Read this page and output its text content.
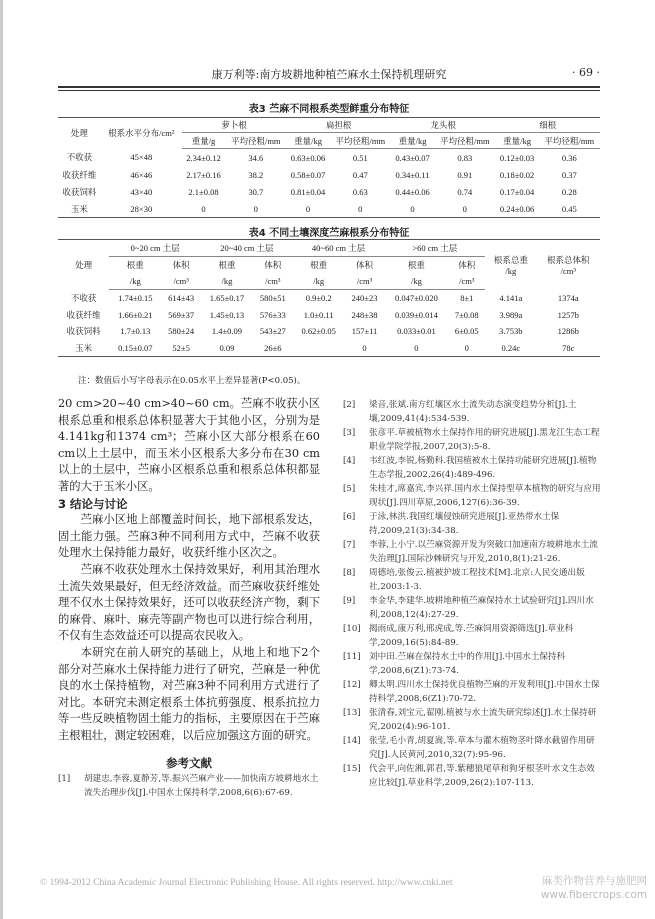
康万利等:南方坡耕地种植苎麻水土保持机理研究	· 69 ·
表3 苎麻不同根系类型鲜重分布特征
处理	根系水平分布/cm²	萝卜根		扁担根		龙头根		细根	
		重量/g	平均径粗/mm	重量/kg	平均径粗/mm	重量/kg	平均径粗/mm	重量/kg	平均径粗/mm
不收获	45×48	2.34±0.12	34.6	0.63±0.06	0.51	0.43±0.07	0.83	0.12±0.03	0.36
收获纤维	46×46	2.17±0.16	38.2	0.58±0.07	0.47	0.34±0.11	0.91	0.18±0.02	0.37
收获饲料	43×40	2.1±0.08	30.7	0.81±0.04	0.63	0.44±0.06	0.74	0.17±0.04	0.28
玉米	28×30	0	0	0	0	0	0	0.24±0.06	0.45
表4 不同土壤深度苎麻根系分布特征
处理	0~20 cm 土层		20~40 cm 土层		40~60 cm 土层		>60 cm 土层		根系总重
/kg	根系总体积
/cm³
	根重	体积	根重	体积	根重	体积	根重	体积		
	/kg	/cm³	/kg	/cm³	/kg	/cm³	/kg	/cm³		
不收获	1.74±0.15	614±43	1.65±0.17	580±51	0.9±0.2	240±23	0.047±0.020	8±1	4.141a	1374a
收获纤维	1.66±0.21	569±37	1.45±0.13	576±33	1.0±0.11	248±38	0.039±0.014	7±0.08	3.989a	1257b
收获饲料	1.7±0.13	580±24	1.4±0.09	543±27	0.62±0.05	157±11	0.033±0.01	6±0.05	3.753b	1286b
玉米	0.15±0.07	52±5	0.09	26±6		0	0	0	0.24c	78c
注：数值后小写字母表示在0.05水平上差异显著(P<0.05)。

20 cm>20~40 cm>40~60 cm。苎麻不收获小区根系总重和根系总体积显著大于其他小区，分别为是4.141kg和1374 cm³；苎麻小区大部分根系在60 cm以上土层中，而玉米小区根系大多分布在30 cm以上的土层中，苎麻小区根系总重和根系总体积都显著的大于玉米小区。

3 结论与讨论

苎麻小区地上部覆盖时间长，地下部根系发达，固土能力强。苎麻3种不同利用方式中，苎麻不收获处理水土保持能力最好，收获纤维小区次之。

苎麻不收获处理水土保持效果好，利用其治理水土流失效果最好，但无经济效益。而苎麻收获纤维处理不仅水土保持效果好，还可以收获经济产物，剩下的麻骨、麻叶、麻壳等副产物也可以进行综合利用，不仅有生态效益还可以提高农民收入。

本研究在前人研究的基础上，从地上和地下2个部分对苎麻水土保持能力进行了研究，苎麻是一种优良的水土保持植物，对苎麻3种不同利用方式进行了对比。本研究未测定根系土体抗剪强度、根系抗拉力等一些反映植物固土能力的指标，主要原因在于苎麻主根粗壮，测定较困难，以后应加强这方面的研究。

参考文献
[1]	胡建忠,李蓉,夏静芳,等.振兴苎麻产业——加快南方坡耕地水土流失治理步伐[J].中国水土保持科学,2008,6(6):67-69.
[2]	梁音,张斌.南方红壤区水土流失动态演变趋势分析[J].土壤,2009,41(4):534-539.
[3]	张彦平.草被植物水土保持作用的研究进展[J].黑龙江生态工程职业学院学报,2007,20(3):5-8.
[4]	韦红波,李锐,杨勤科.我国植被水土保持功能研究进展[J].植物生态学报,2002,26(4):489-496.
[5]	朱桂才,席嘉宾,李兴祥.国内水土保持型草本植物的研究与应用现状[J].四川草原,2006,127(6):36-39.
[6]	于泳,林洪.我国红壤侵蚀研究进展[J].亚热带水土保持,2009,21(3):34-38.
[7]	李蓉,上小宁.以苎麻资源开发为突破口加速南方坡耕地水土流失治理[J].国际沙棘研究与开发,2010,8(1):21-26.
[8]	周德培,张俊云.植被护坡工程技术[M].北京:人民交通出版社,2003:1-3.
[9]	李金华,李建华.坡耕地种植苎麻保持水土试验研究[J].四川水利,2008,12(4):27-29.
[10] 揭雨成,康万利,邢虎成,等.苎麻饲用资源筛选[J].草业科学,2009,16(5):84-89.
[11] 刘中田.苎麻在保持水土中的作用[J].中国水土保持科学,2008,6(Z1):73-74.
[12] 卿太明.四川水土保持优良植物苎麻的开发利用[J].中国水土保持科学,2008,6(Z1):70-72.
[13] 张清春,刘宝元,翟刚.植被与水土流失研究综述[J].水土保持研究,2002(4):96-101.
[14] 张莹,毛小青,胡夏嵩,等.草本与灌木植物茎叶降水截留作用研究[J].人民黄河,2010,32(7):95-96.
[15] 代会平,向佐湘,郭君,等.紫穗狼尾草和狗牙根茎叶水文生态效应比较[J].草业科学,2009,26(2):107-113.
© 1994-2012 China Academic Journal Electronic Publishing House. All rights reserved. http://www.cnki.net	麻类作物营养与施肥网
www.fibercrops.com
